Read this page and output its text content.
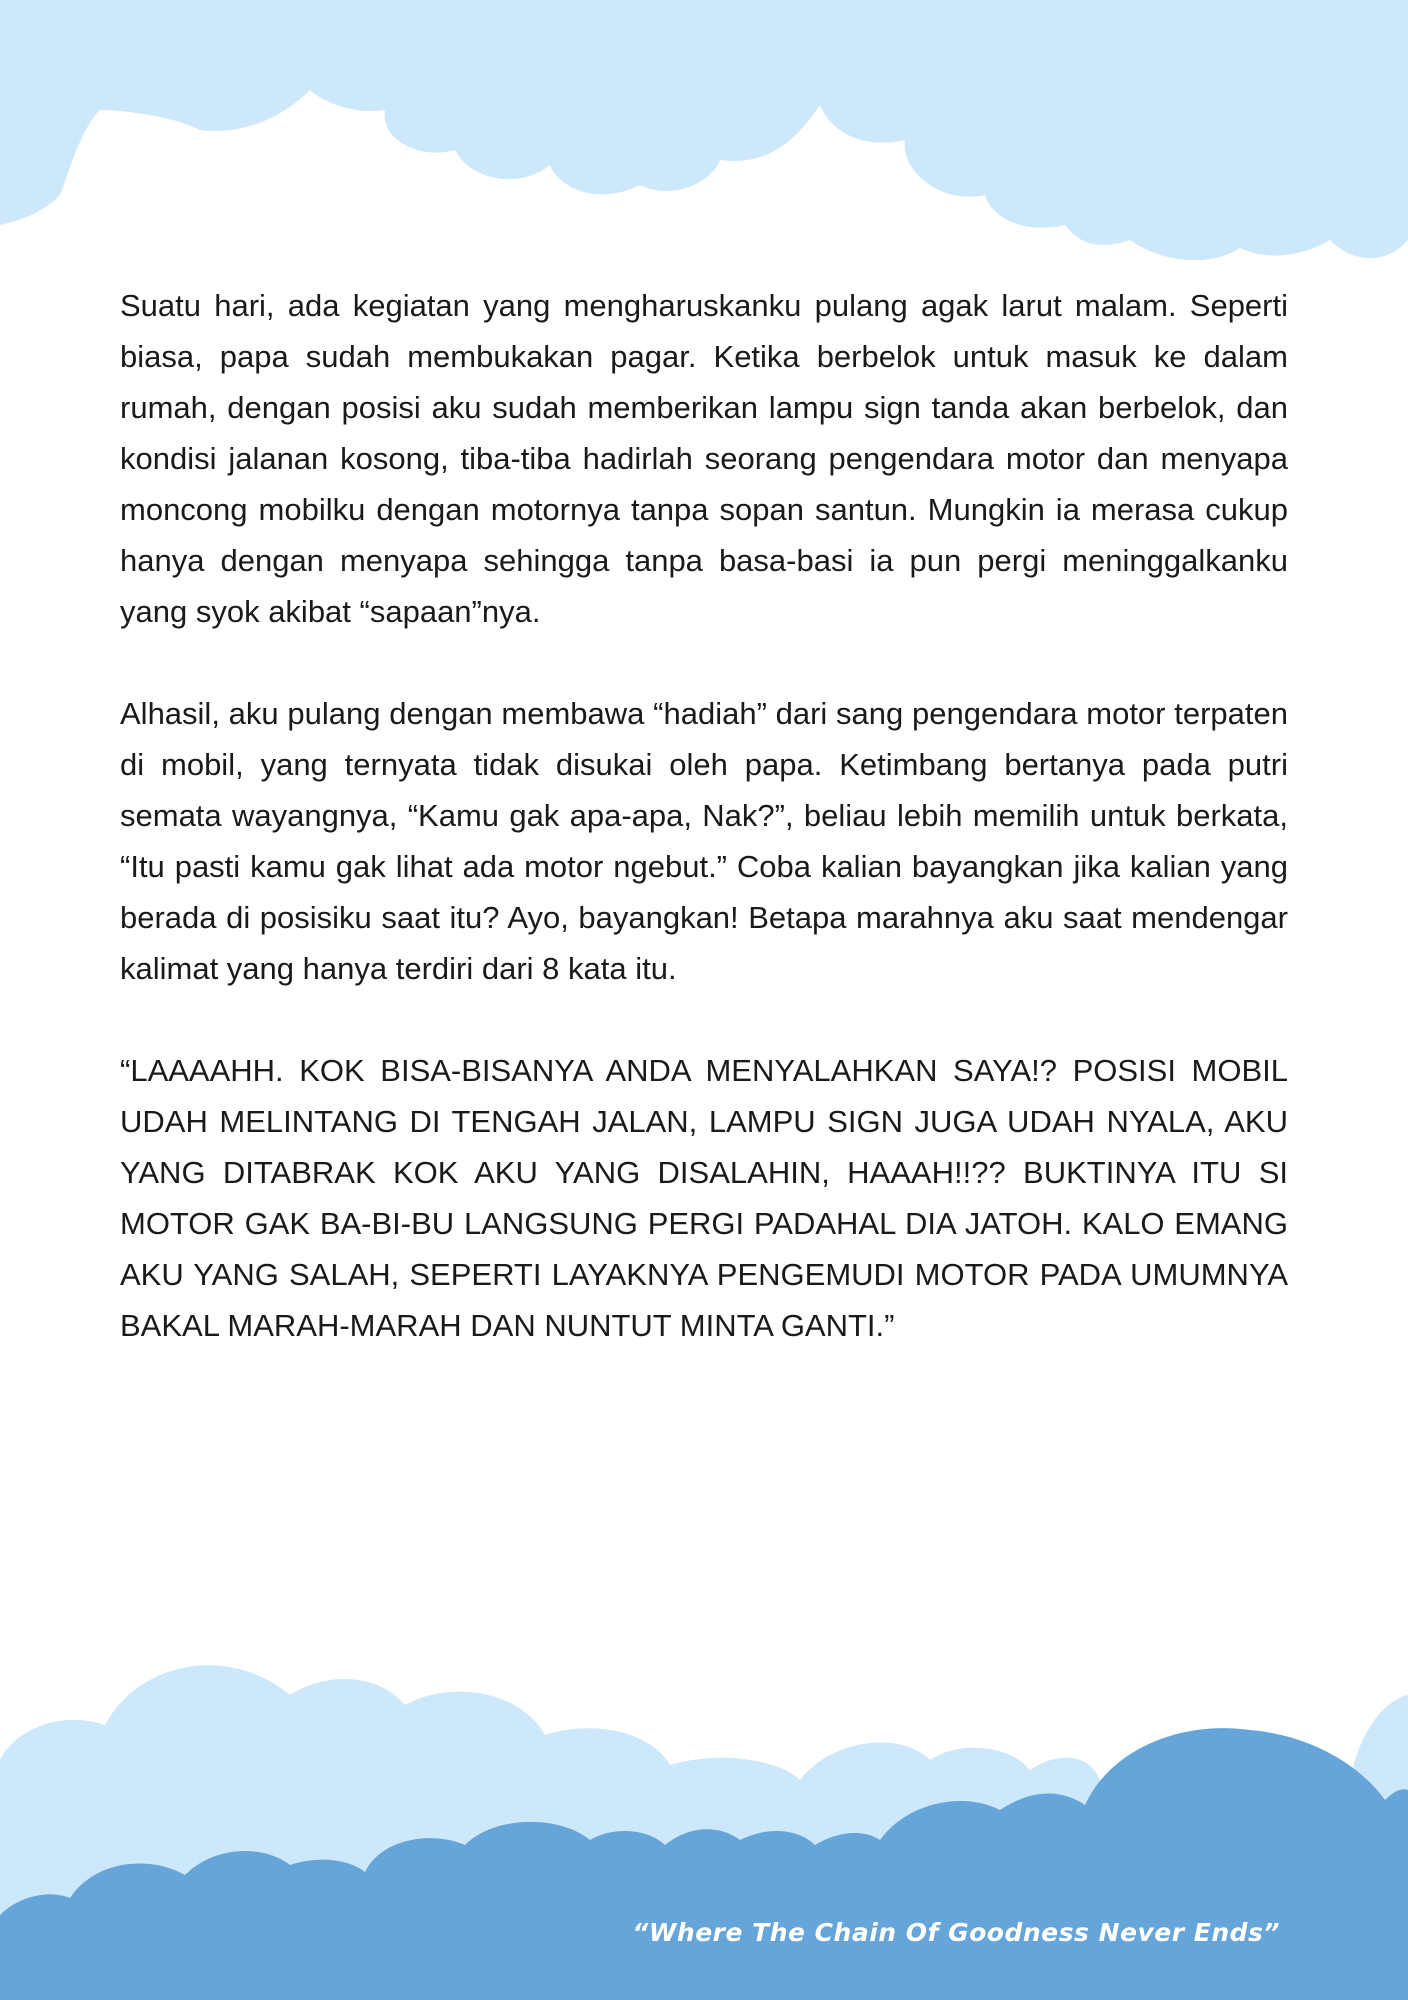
Suatu hari, ada kegiatan yang mengharuskanku pulang agak larut malam. Seperti biasa, papa sudah membukakan pagar. Ketika berbelok untuk masuk ke dalam rumah, dengan posisi aku sudah memberikan lampu sign tanda akan berbelok, dan kondisi jalanan kosong, tiba-tiba hadirlah seorang pengendara motor dan menyapa moncong mobilku dengan motornya tanpa sopan santun. Mungkin ia merasa cukup hanya dengan menyapa sehingga tanpa basa-basi ia pun pergi meninggalkanku yang syok akibat “sapaan”nya.

Alhasil, aku pulang dengan membawa “hadiah” dari sang pengendara motor terpaten di mobil, yang ternyata tidak disukai oleh papa. Ketimbang bertanya pada putri semata wayangnya, “Kamu gak apa-apa, Nak?”, beliau lebih memilih untuk berkata, “Itu pasti kamu gak lihat ada motor ngebut.” Coba kalian bayangkan jika kalian yang berada di posisiku saat itu? Ayo, bayangkan! Betapa marahnya aku saat mendengar kalimat yang hanya terdiri dari 8 kata itu.

“LAAAAHH. KOK BISA-BISANYA ANDA MENYALAHKAN SAYA!? POSISI MOBIL UDAH MELINTANG DI TENGAH JALAN, LAMPU SIGN JUGA UDAH NYALA, AKU YANG DITABRAK KOK AKU YANG DISALAHIN, HAAAH!!?? BUKTINYA ITU SI MOTOR GAK BA-BI-BU LANGSUNG PERGI PADAHAL DIA JATOH. KALO EMANG AKU YANG SALAH, SEPERTI LAYAKNYA PENGEMUDI MOTOR PADA UMUMNYA BAKAL MARAH-MARAH DAN NUNTUT MINTA GANTI.”

“Where The Chain Of Goodness Never Ends”
